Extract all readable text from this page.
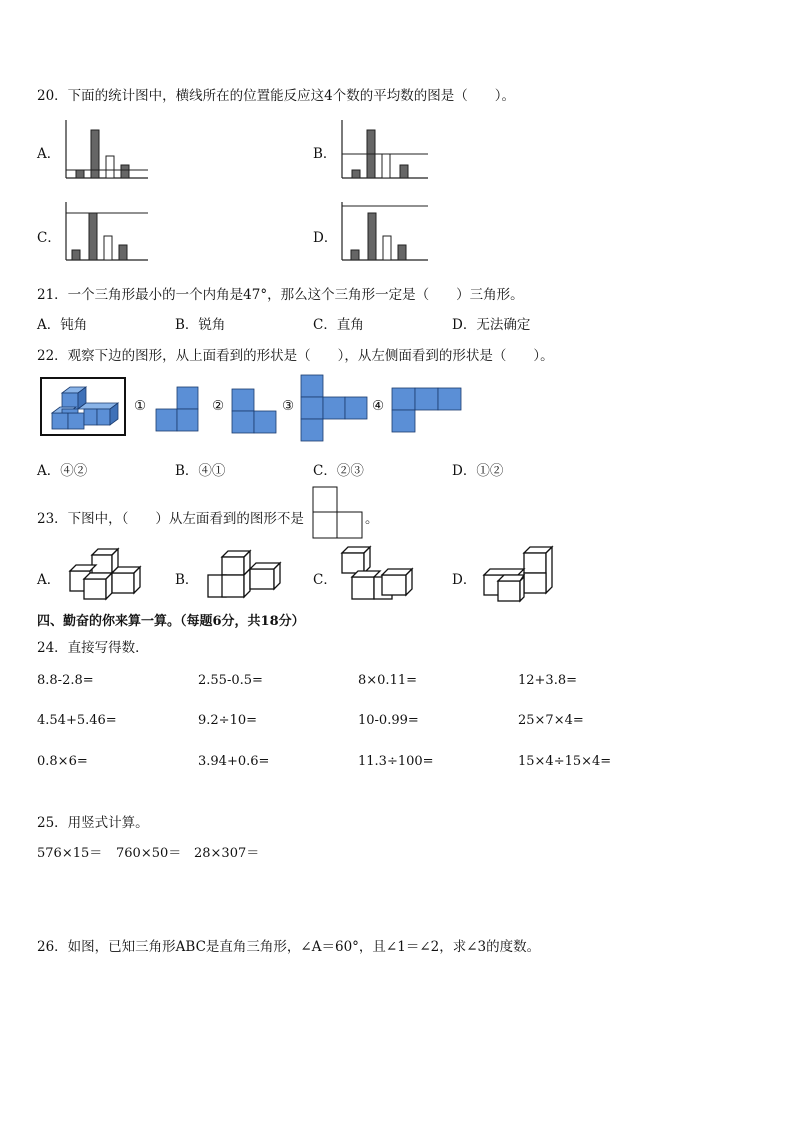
20．下面的统计图中，横线所在的位置能反应这4个数的平均数的图是（　　）。
A．	B．
C．	D．
21．一个三角形最小的一个内角是47°，那么这个三角形一定是（　　）三角形。
A．钝角	B．锐角	C．直角	D．无法确定
22．观察下边的图形，从上面看到的形状是（　　），从左侧面看到的形状是（　　）。
①	②	③	④
A．④②	B．④①	C．②③	D．①②
23．下图中，（　　）从左面看到的图形不是	。
A．	B．	C．	D．
四、勤奋的你来算一算。（每题6分，共18分）
24．直接写得数．
8.8-2.8=	2.55-0.5=	8×0.11=	12+3.8=
4.54+5.46=	9.2÷10=	10-0.99=	25×7×4=
0.8×6=	3.94+0.6=	11.3÷100=	15×4÷15×4=
25．用竖式计算。
576×15＝ 760×50＝ 28×307＝
26．如图，已知三角形ABC是直角三角形，∠A＝60°，且∠1＝∠2，求∠3的度数。
